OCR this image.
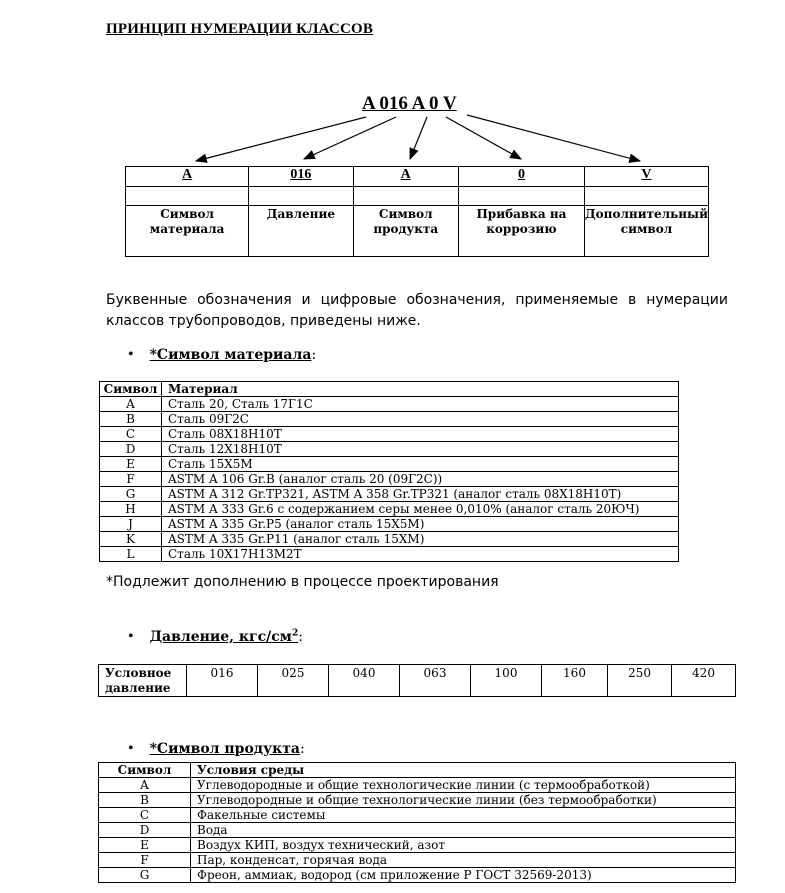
ПРИНЦИП НУМЕРАЦИИ КЛАССОВ
A 016 A 0 V
A	016	A	0	V

Символ материала	Давление	Символ продукта	Прибавка на коррозию	Дополнительный символ
Буквенные обозначения и цифровые обозначения, применяемые в нумерации классов трубопроводов, приведены ниже.
• *Символ материала:
Символ	Материал
A	Сталь 20, Сталь 17Г1С
B	Сталь 09Г2С
C	Сталь 08Х18Н10Т
D	Сталь 12Х18Н10Т
E	Сталь 15Х5М
F	ASTM A 106 Gr.B (аналог сталь 20 (09Г2С))
G	ASTM A 312 Gr.TP321, ASTM A 358 Gr.TP321 (аналог сталь 08Х18Н10Т)
H	ASTM A 333 Gr.6 с содержанием серы менее 0,010% (аналог сталь 20ЮЧ)
J	ASTM A 335 Gr.P5 (аналог сталь 15Х5М)
K	ASTM A 335 Gr.P11 (аналог сталь 15ХМ)
L	Сталь 10Х17Н13М2Т
*Подлежит дополнению в процессе проектирования
• Давление, кгс/$см^2$:
Условное давление	016	025	040	063	100	160	250	420
• *Символ продукта:
Символ	Условия среды
A	Углеводородные и общие технологические линии (с термообработкой)
B	Углеводородные и общие технологические линии (без термообработки)
C	Факельные системы
D	Вода
E	Воздух КИП, воздух технический, азот
F	Пар, конденсат, горячая вода
G	Фреон, аммиак, водород (см приложение Р ГОСТ 32569-2013)
